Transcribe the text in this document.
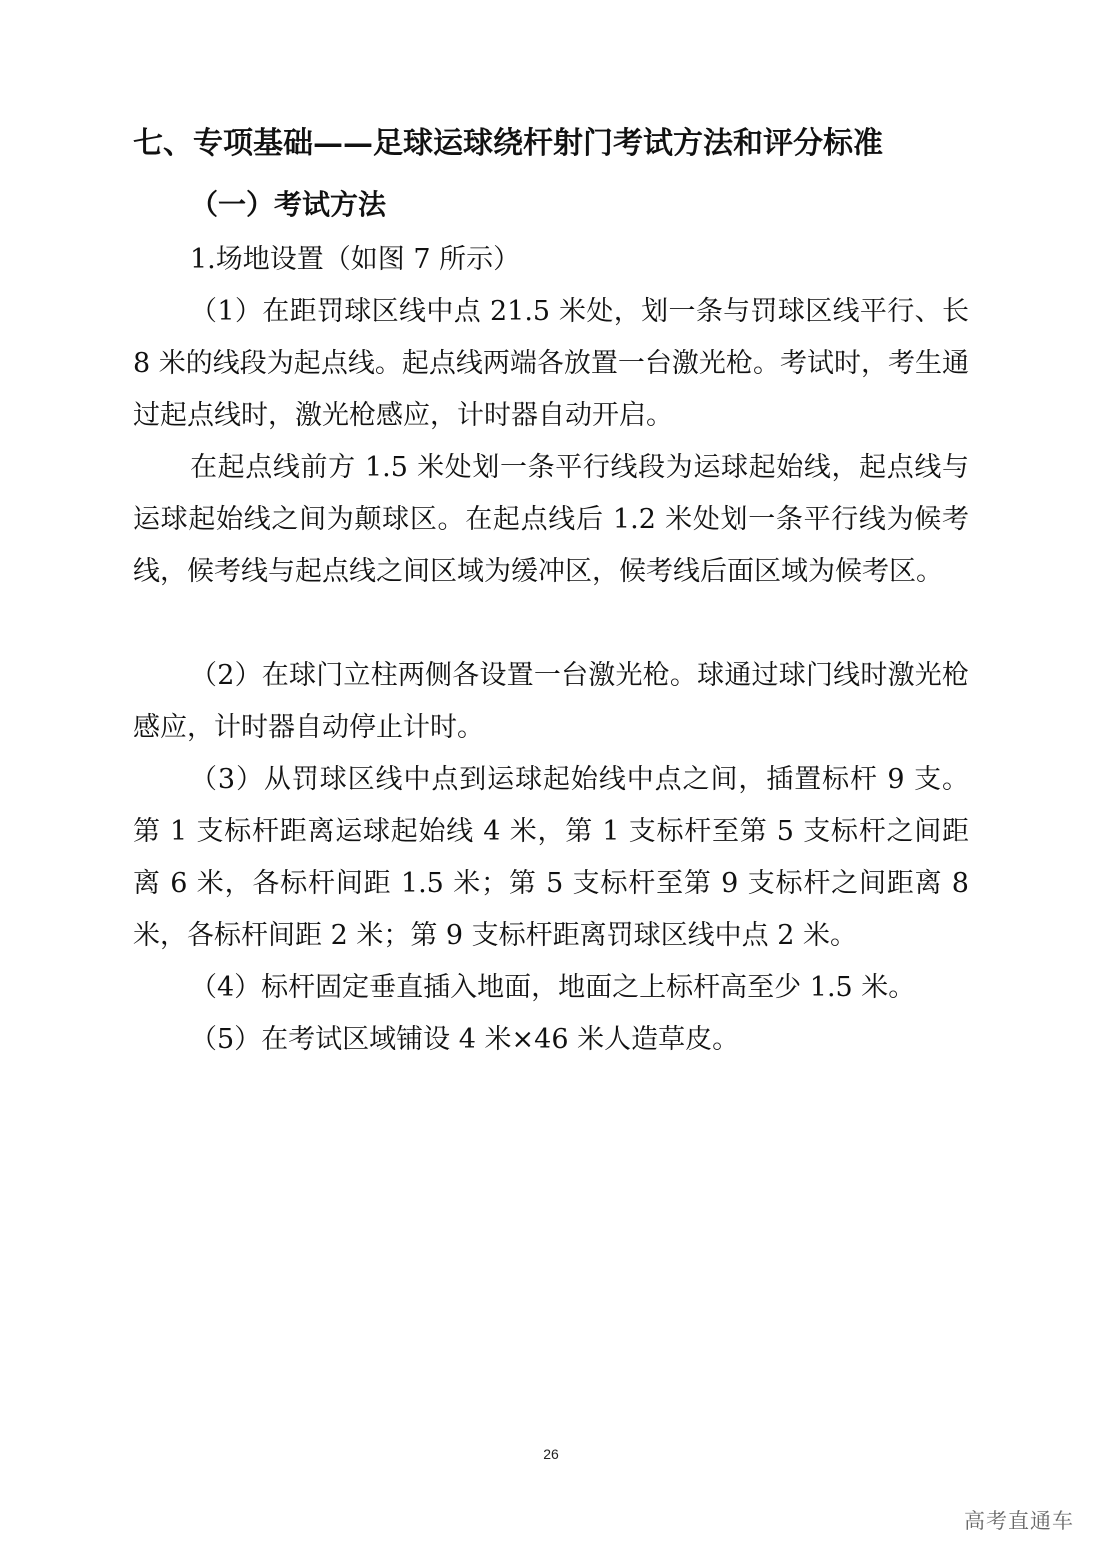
七、专项基础——足球运球绕杆射门考试方法和评分标准
（一）考试方法
1.场地设置（如图 7 所示）
（1）在距罚球区线中点 21.5 米处，划一条与罚球区线平行、长 8 米的线段为起点线。起点线两端各放置一台激光枪。考试时，考生通过起点线时，激光枪感应，计时器自动开启。
在起点线前方 1.5 米处划一条平行线段为运球起始线，起点线与运球起始线之间为颠球区。在起点线后 1.2 米处划一条平行线为候考线，候考线与起点线之间区域为缓冲区，候考线后面区域为候考区。
（2）在球门立柱两侧各设置一台激光枪。球通过球门线时激光枪感应，计时器自动停止计时。
（3）从罚球区线中点到运球起始线中点之间，插置标杆 9 支。第 1 支标杆距离运球起始线 4 米，第 1 支标杆至第 5 支标杆之间距离 6 米，各标杆间距 1.5 米；第 5 支标杆至第 9 支标杆之间距离 8 米，各标杆间距 2 米；第 9 支标杆距离罚球区线中点 2 米。
（4）标杆固定垂直插入地面，地面之上标杆高至少 1.5 米。
（5）在考试区域铺设 4 米×46 米人造草皮。
26
高考直通车
